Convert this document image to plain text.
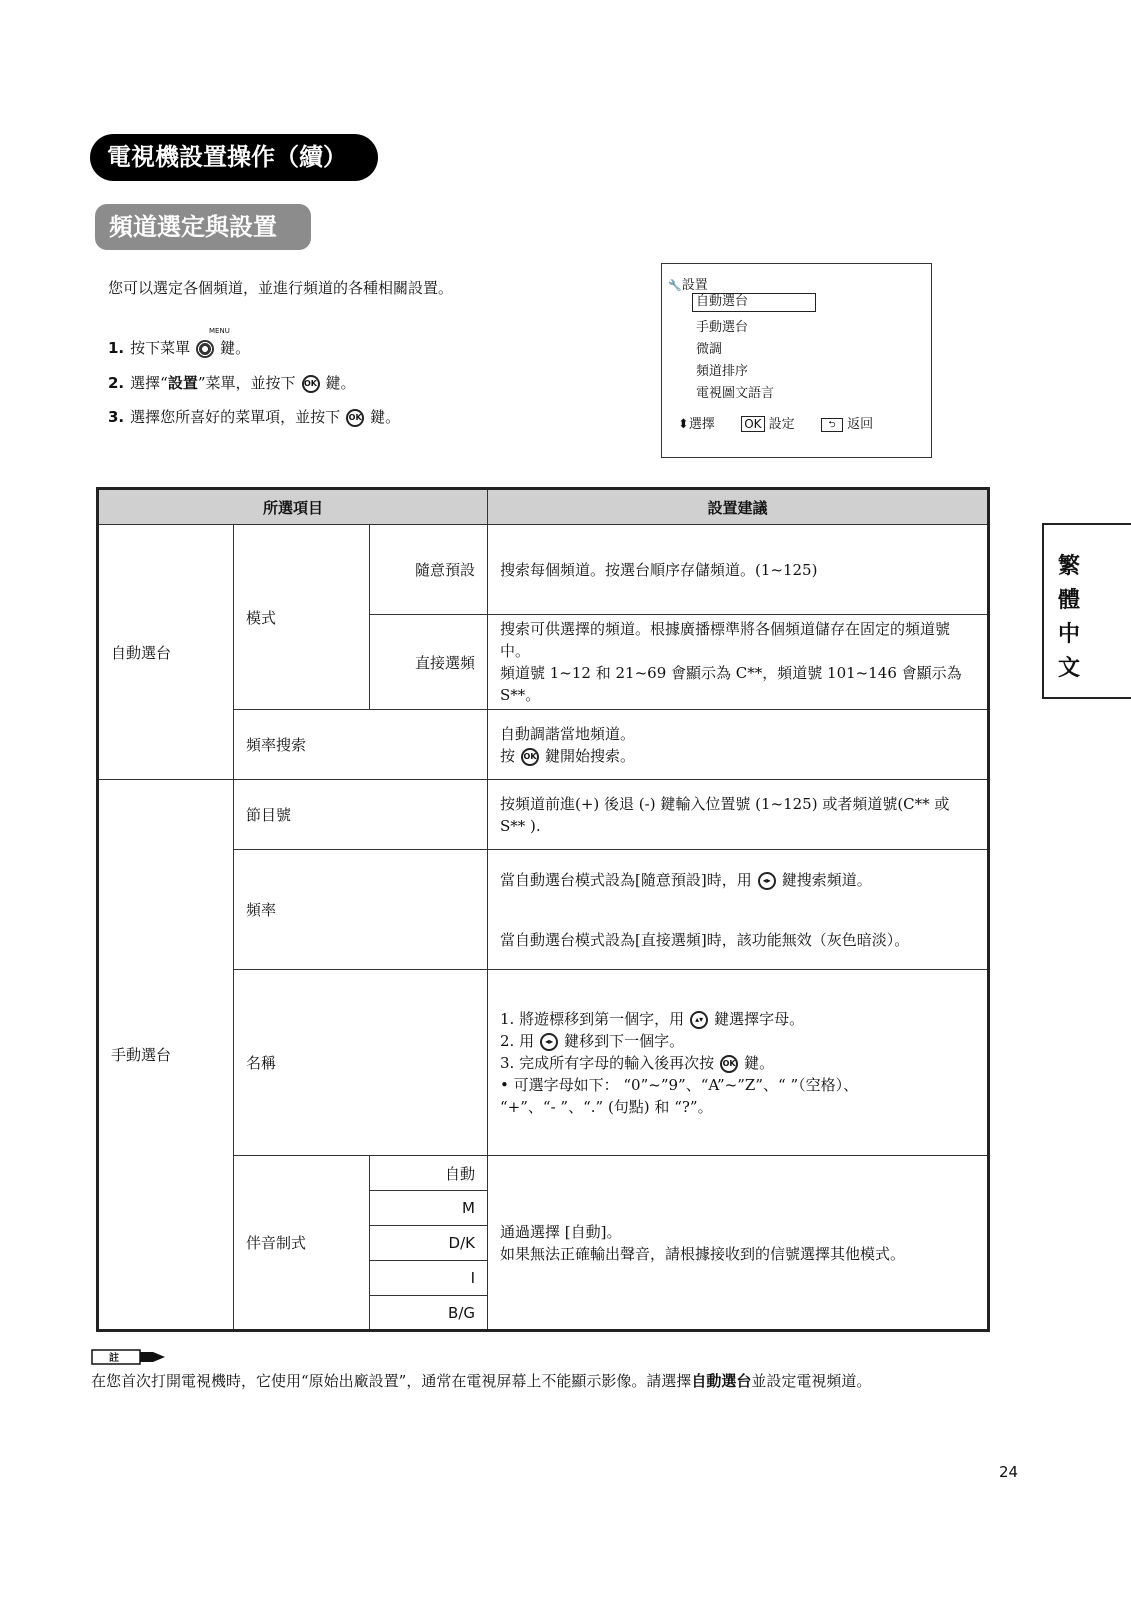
電視機設置操作（續）
頻道選定與設置
您可以選定各個頻道，並進行頻道的各種相關設置。
MENU
1. 按下菜單 鍵。
2. 選擇“設置”菜單，並按下 OK 鍵。
3. 選擇您所喜好的菜單項，並按下 OK 鍵。
🔧設置
自動選台
手動選台
微調
頻道排序
電視圖文語言
⬍選擇 OK 設定	⮌ 返回
所選項目			設置建議
自動選台	模式	隨意預設	搜索每個頻道。按選台順序存儲頻道。(1~125)
		直接選頻	搜索可供選擇的頻道。根據廣播標準將各個頻道儲存在固定的頻道號中。
頻道號 1~12 和 21~69 會顯示為 C**，頻道號 101~146 會顯示為 S**。

	頻率搜索		自動調諧當地頻道。
按 OK 鍵開始搜索。

手動選台	節目號		按頻道前進(+) 後退 (-) 鍵輸入位置號 (1~125) 或者頻道號(C** 或 S** ).
	頻率		當自動選台模式設為[隨意預設]時，用 ◂▸ 鍵搜索頻道。
當自動選台模式設為[直接選頻]時，該功能無效（灰色暗淡）。

	名稱		1. 將遊標移到第一個字，用 ▴▾ 鍵選擇字母。
2. 用 ◂▸ 鍵移到下一個字。
3. 完成所有字母的輸入後再次按 OK 鍵。
• 可選字母如下： “0”~”9”、“A”~”Z”、“ ”（空格）、
“+”、“- ”、“.” (句點) 和 “?”。

	伴音制式	自動	通過選擇 [自動]。
如果無法正確輸出聲音，請根據接收到的信號選擇其他模式。

		M	
		D/K	
		I	
		B/G	
繁
體
中
文
註
在您首次打開電視機時，它使用“原始出廠設置”，通常在電視屏幕上不能顯示影像。請選擇自動選台並設定電視頻道。
24
